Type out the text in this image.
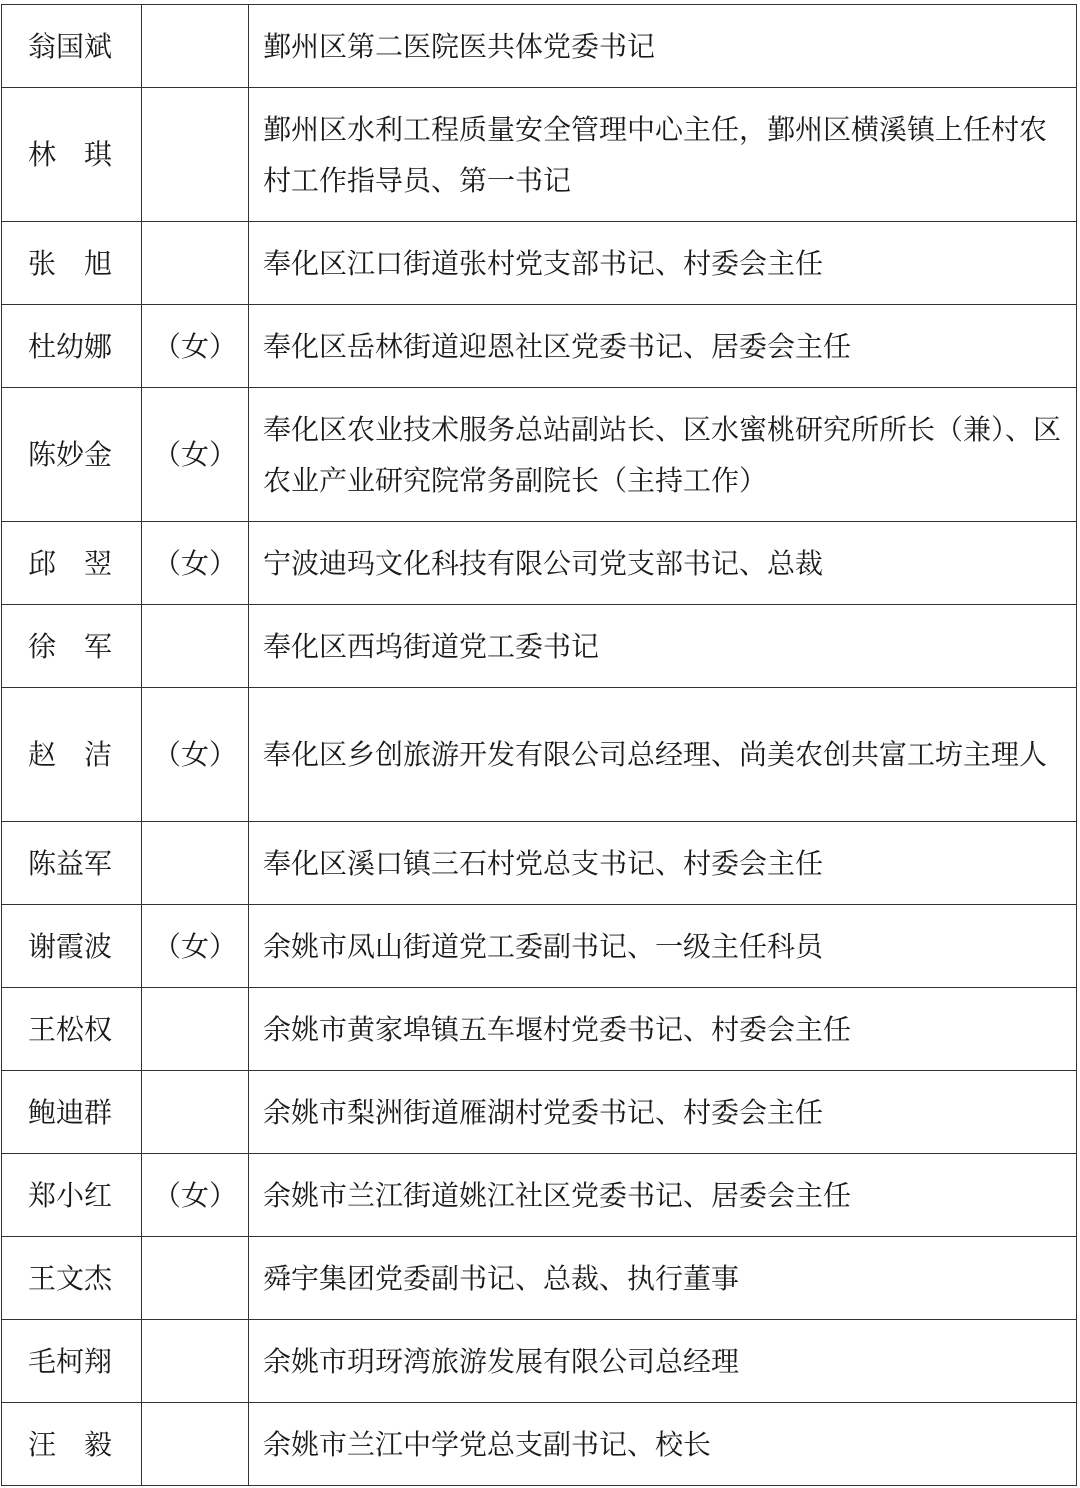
翁国斌		鄞州区第二医院医共体党委书记
林　琪		鄞州区水利工程质量安全管理中心主任，鄞州区横溪镇上任村农村工作指导员、第一书记
张　旭		奉化区江口街道张村党支部书记、村委会主任
杜幼娜	（女）	奉化区岳林街道迎恩社区党委书记、居委会主任
陈妙金	（女）	奉化区农业技术服务总站副站长、区水蜜桃研究所所长（兼）、区农业产业研究院常务副院长（主持工作）
邱　翌	（女）	宁波迪玛文化科技有限公司党支部书记、总裁
徐　军		奉化区西坞街道党工委书记
赵　洁	（女）	奉化区乡创旅游开发有限公司总经理、尚美农创共富工坊主理人
陈益军		奉化区溪口镇三石村党总支书记、村委会主任
谢霞波	（女）	余姚市凤山街道党工委副书记、一级主任科员
王松权		余姚市黄家埠镇五车堰村党委书记、村委会主任
鲍迪群		余姚市梨洲街道雁湖村党委书记、村委会主任
郑小红	（女）	余姚市兰江街道姚江社区党委书记、居委会主任
王文杰		舜宇集团党委副书记、总裁、执行董事
毛柯翔		余姚市玥玡湾旅游发展有限公司总经理
汪　毅		余姚市兰江中学党总支副书记、校长
